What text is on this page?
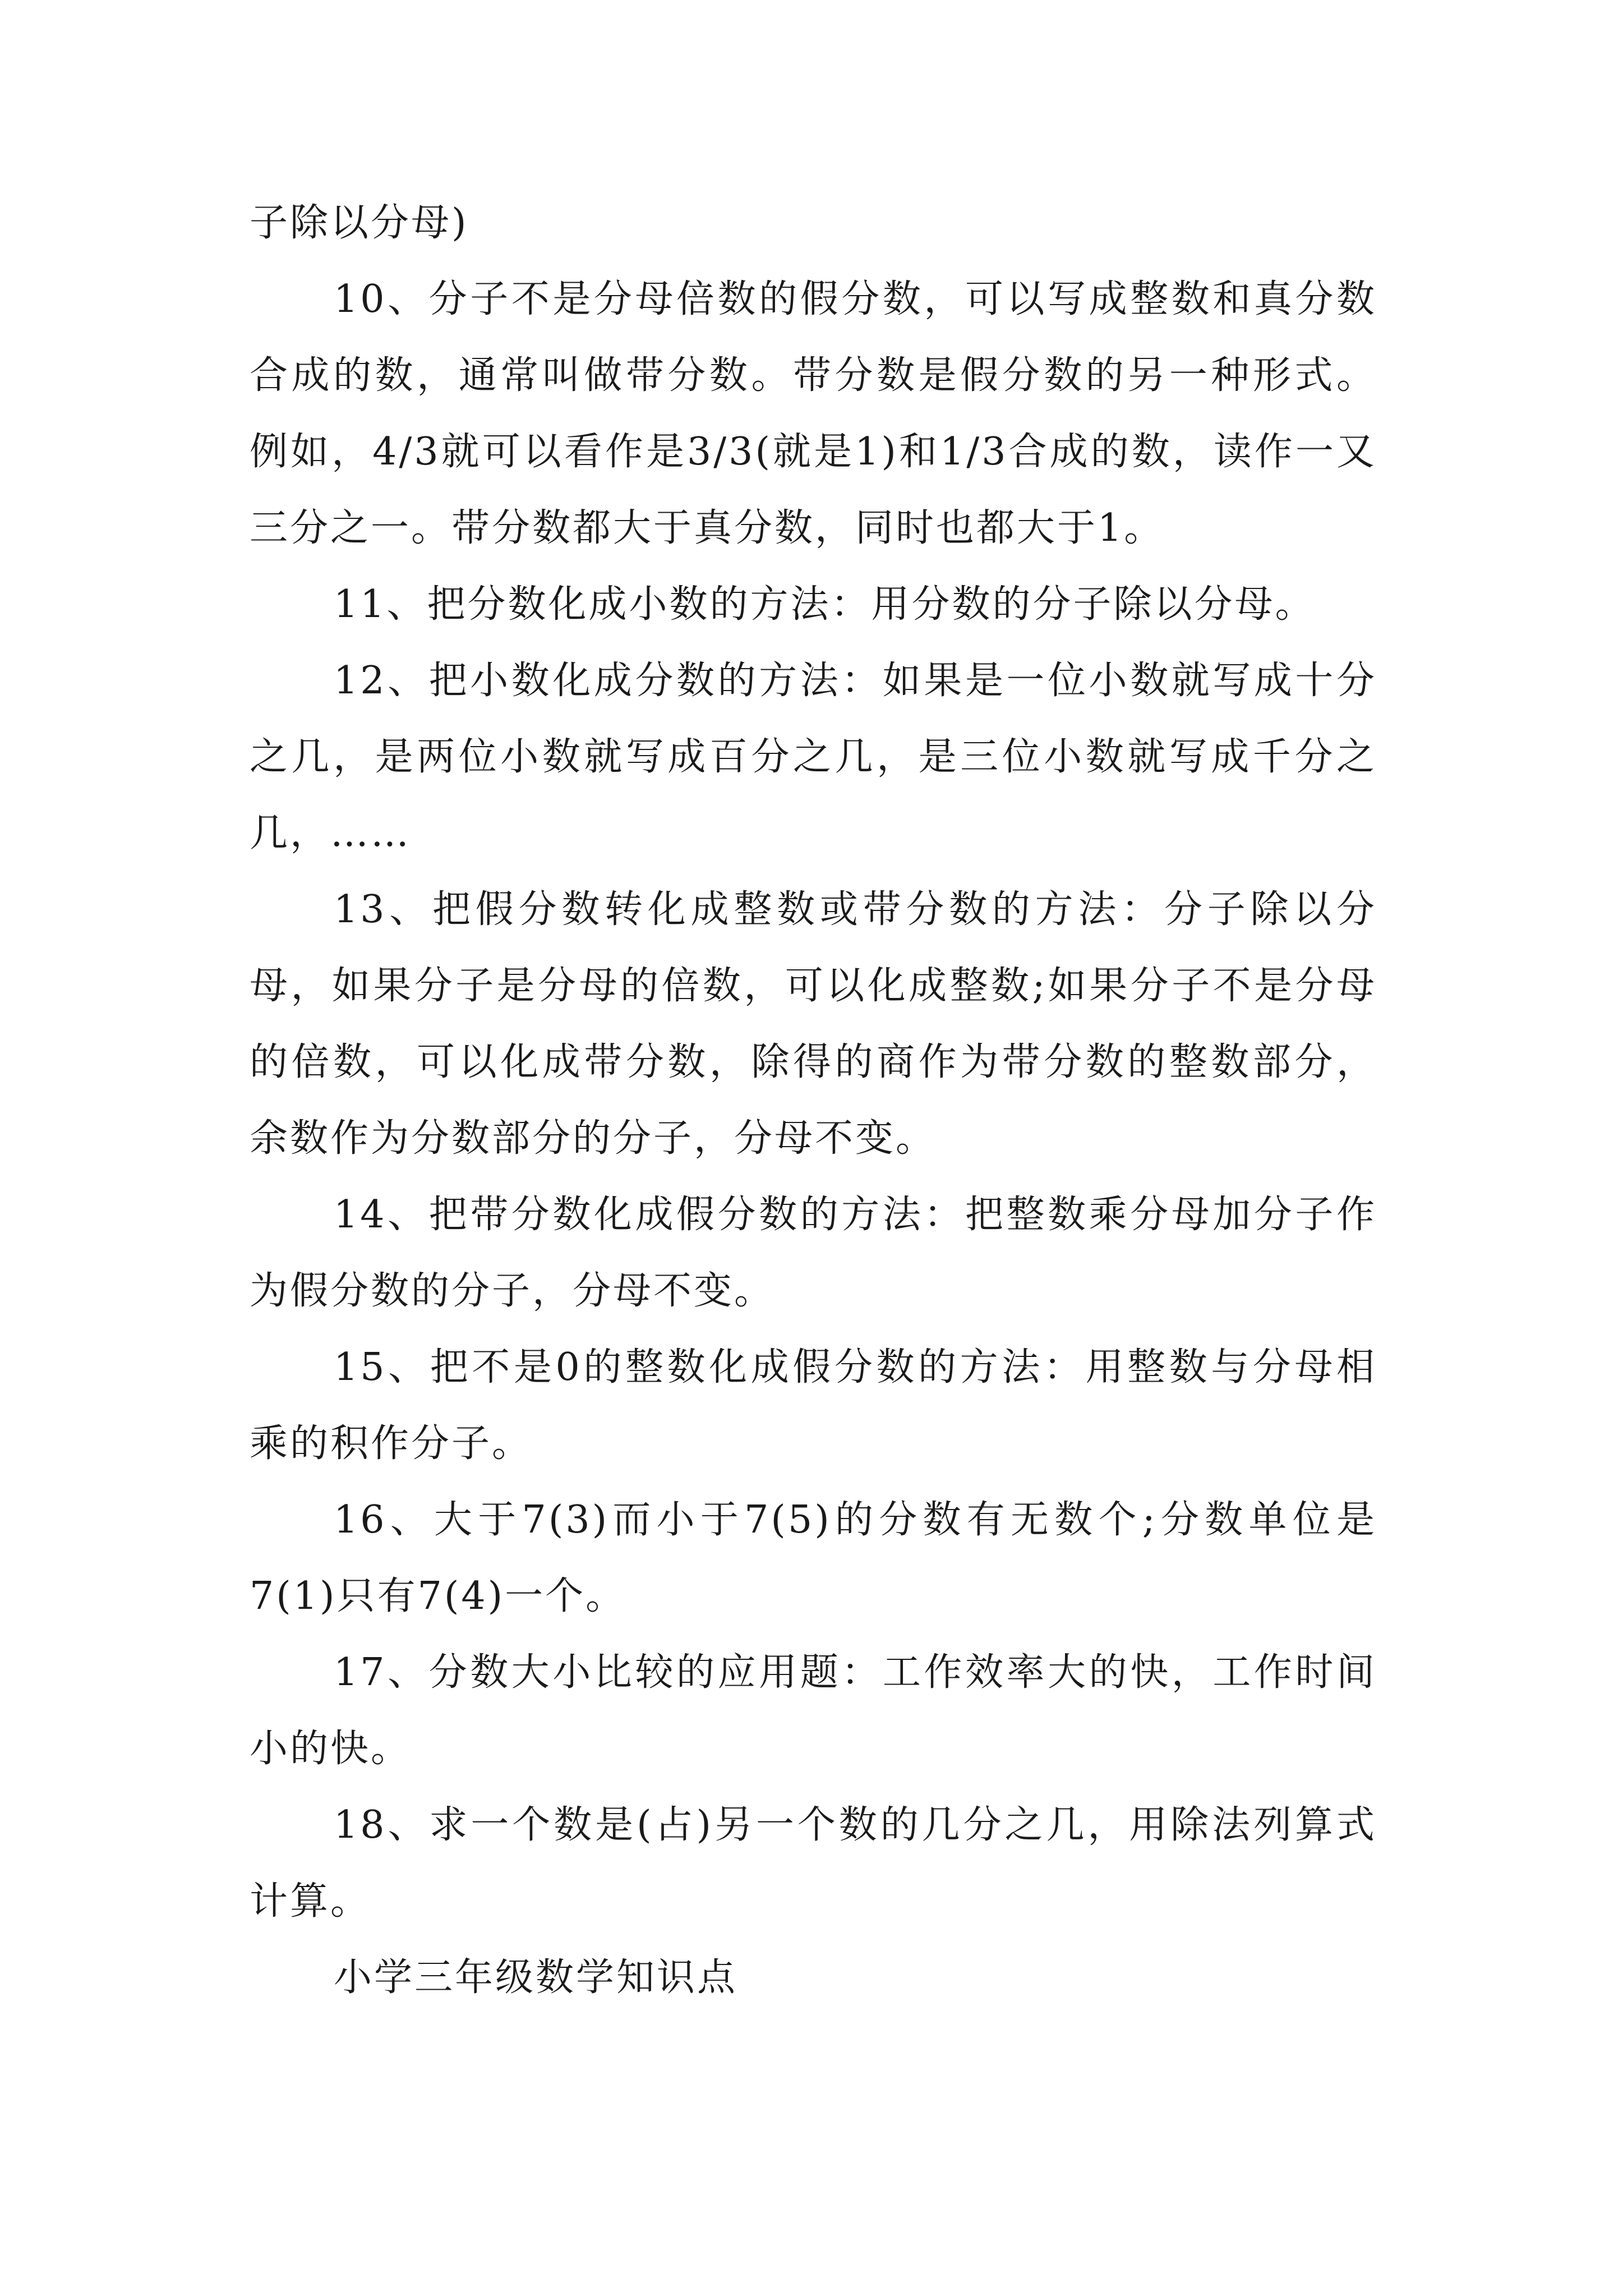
子除以分母)

10、分子不是分母倍数的假分数，可以写成整数和真分数合成的数，通常叫做带分数。带分数是假分数的另一种形式。例如，4/3就可以看作是3/3(就是1)和1/3合成的数，读作一又三分之一。带分数都大于真分数，同时也都大于1。

11、把分数化成小数的方法：用分数的分子除以分母。

12、把小数化成分数的方法：如果是一位小数就写成十分之几，是两位小数就写成百分之几，是三位小数就写成千分之几，……

13、把假分数转化成整数或带分数的方法：分子除以分母，如果分子是分母的倍数，可以化成整数;如果分子不是分母的倍数，可以化成带分数，除得的商作为带分数的整数部分，余数作为分数部分的分子，分母不变。

14、把带分数化成假分数的方法：把整数乘分母加分子作为假分数的分子，分母不变。

15、把不是0的整数化成假分数的方法：用整数与分母相乘的积作分子。

16、大于7(3)而小于7(5)的分数有无数个;分数单位是7(1)只有7(4)一个。

17、分数大小比较的应用题：工作效率大的快，工作时间小的快。

18、求一个数是(占)另一个数的几分之几，用除法列算式计算。

小学三年级数学知识点
